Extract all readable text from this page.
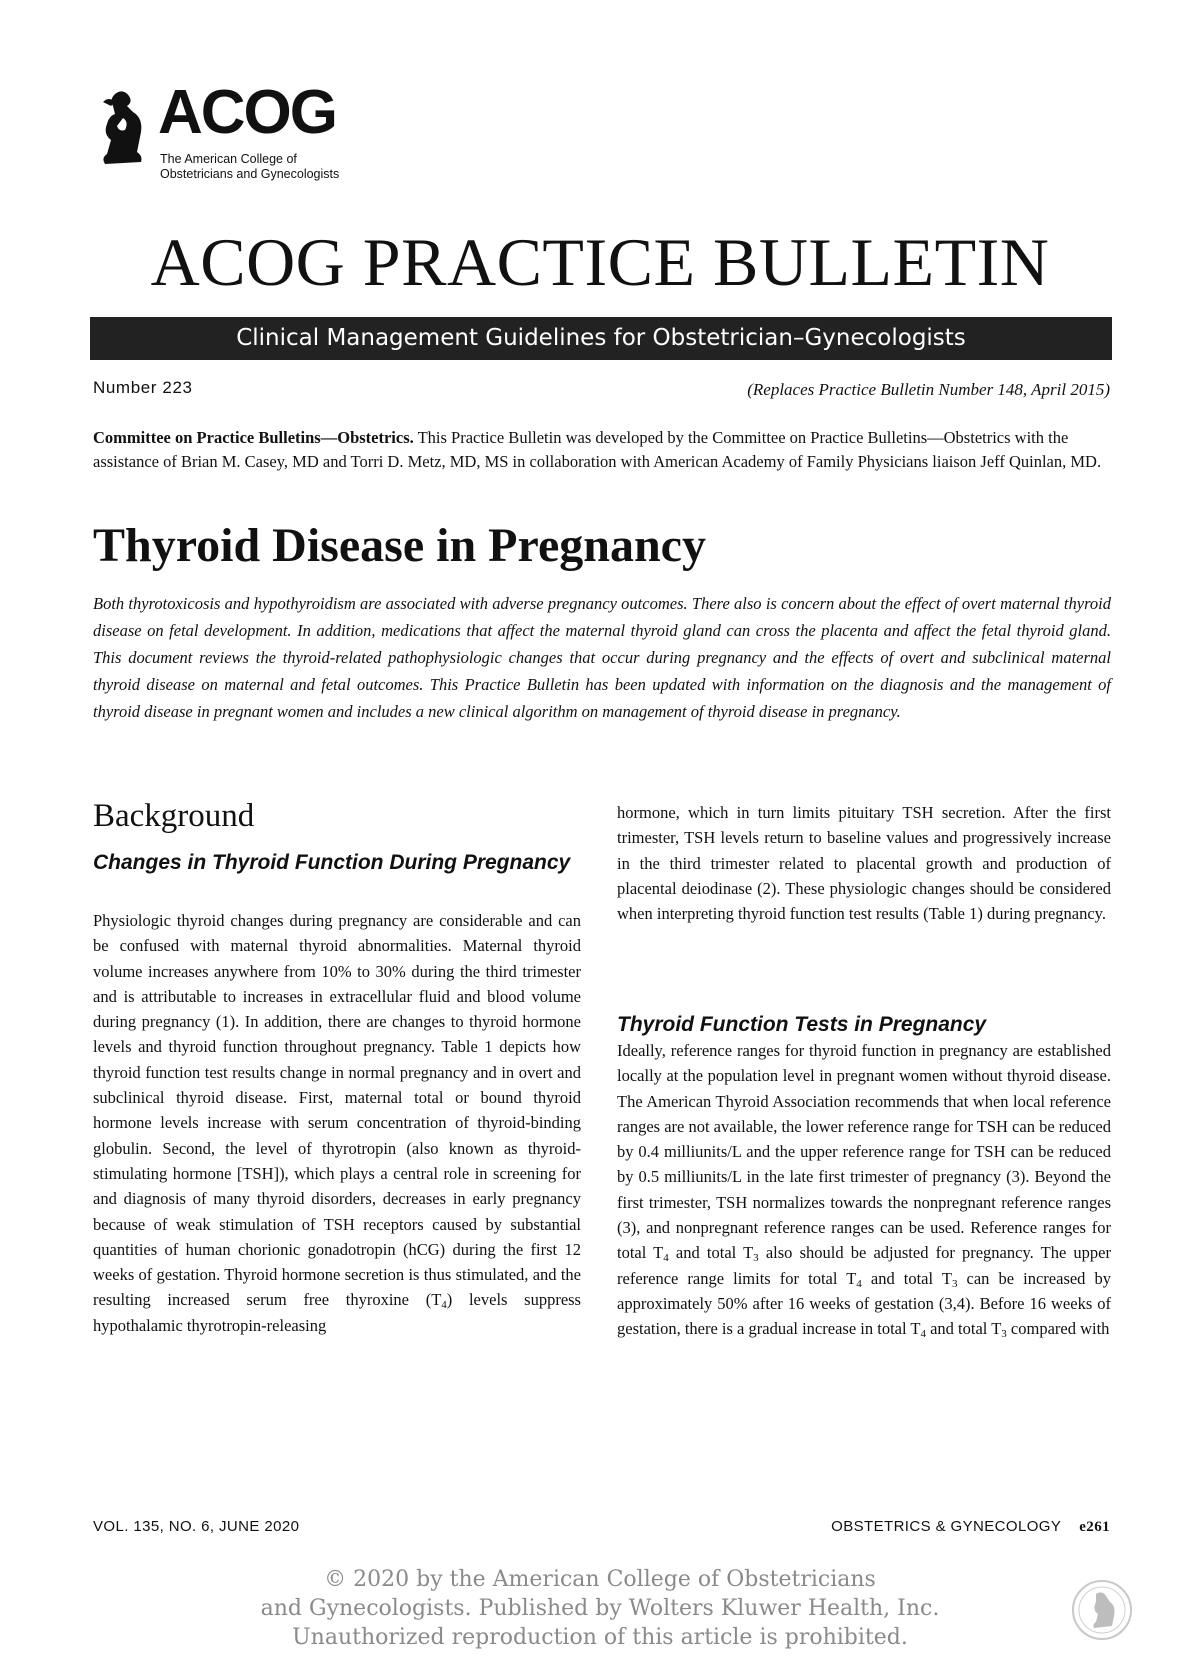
ACOG
The American College of
Obstetricians and Gynecologists
ACOG PRACTICE BULLETIN
Clinical Management Guidelines for Obstetrician–Gynecologists
Number 223	(Replaces Practice Bulletin Number 148, April 2015)
Committee on Practice Bulletins—Obstetrics. This Practice Bulletin was developed by the Committee on Practice Bulletins—Obstetrics with the assistance of Brian M. Casey, MD and Torri D. Metz, MD, MS in collaboration with American Academy of Family Physicians liaison Jeff Quinlan, MD.
Thyroid Disease in Pregnancy
Both thyrotoxicosis and hypothyroidism are associated with adverse pregnancy outcomes. There also is concern about the effect of overt maternal thyroid disease on fetal development. In addition, medications that affect the maternal thyroid gland can cross the placenta and affect the fetal thyroid gland. This document reviews the thyroid-related pathophysiologic changes that occur during pregnancy and the effects of overt and subclinical maternal thyroid disease on maternal and fetal outcomes. This Practice Bulletin has been updated with information on the diagnosis and the management of thyroid disease in pregnant women and includes a new clinical algorithm on management of thyroid disease in pregnancy.
Background
Changes in Thyroid Function During Pregnancy

Physiologic thyroid changes during pregnancy are considerable and can be confused with maternal thyroid abnormalities. Maternal thyroid volume increases anywhere from 10% to 30% during the third trimester and is attributable to increases in extracellular fluid and blood volume during pregnancy (1). In addition, there are changes to thyroid hormone levels and thyroid function throughout pregnancy. Table 1 depicts how thyroid function test results change in normal pregnancy and in overt and subclinical thyroid disease. First, maternal total or bound thyroid hormone levels increase with serum concentration of thyroid-binding globulin. Second, the level of thyrotropin (also known as thyroid-stimulating hormone [TSH]), which plays a central role in screening for and diagnosis of many thyroid disorders, decreases in early pregnancy because of weak stimulation of TSH receptors caused by substantial quantities of human chorionic gonadotropin (hCG) during the first 12 weeks of gestation. Thyroid hormone secretion is thus stimulated, and the resulting increased serum free thyroxine $(T_4)$ levels suppress hypothalamic thyrotropin-releasing

hormone, which in turn limits pituitary TSH secretion. After the first trimester, TSH levels return to baseline values and progressively increase in the third trimester related to placental growth and production of placental deiodinase (2). These physiologic changes should be considered when interpreting thyroid function test results (Table 1) during pregnancy.

Thyroid Function Tests in Pregnancy

Ideally, reference ranges for thyroid function in pregnancy are established locally at the population level in pregnant women without thyroid disease. The American Thyroid Association recommends that when local reference ranges are not available, the lower reference range for TSH can be reduced by 0.4 milliunits/L and the upper reference range for TSH can be reduced by 0.5 milliunits/L in the late first trimester of pregnancy (3). Beyond the first trimester, TSH normalizes towards the nonpregnant reference ranges (3), and nonpregnant reference ranges can be used. Reference ranges for total $T_4$ and total $T_3$ also should be adjusted for pregnancy. The upper reference range limits for total $T_4$ and total $T_3$ can be increased by approximately 50% after 16 weeks of gestation (3,4). Before 16 weeks of gestation, there is a gradual increase in total $T_4$ and total $T_3$ compared with

VOL. 135, NO. 6, JUNE 2020	OBSTETRICS & GYNECOLOGY e261
© 2020 by the American College of Obstetricians
and Gynecologists. Published by Wolters Kluwer Health, Inc.
Unauthorized reproduction of this article is prohibited.
